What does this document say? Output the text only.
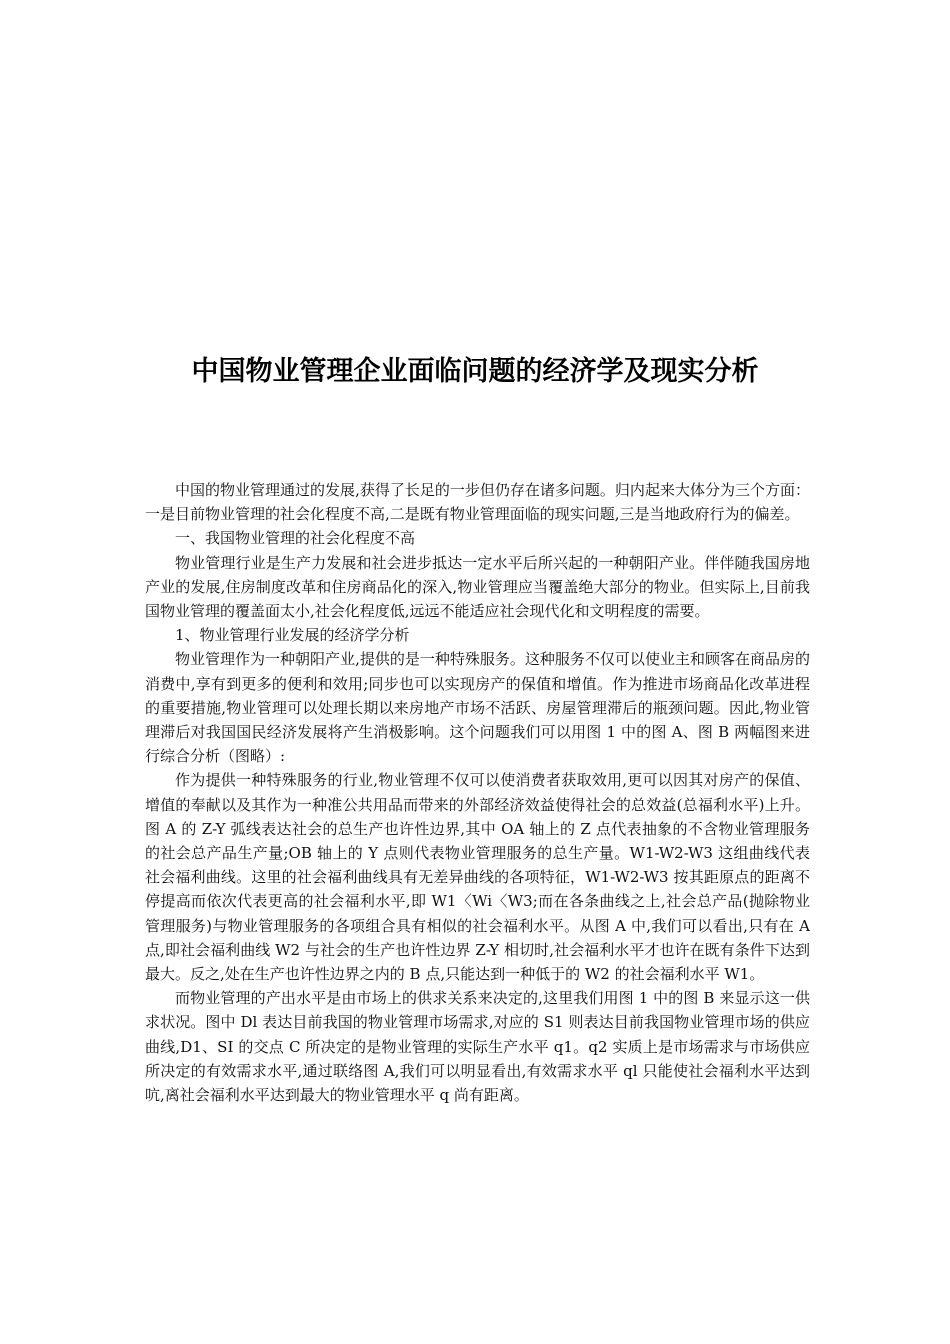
中国物业管理企业面临问题的经济学及现实分析

中国的物业管理通过的发展,获得了长足的一步但仍存在诸多问题。归内起来大体分为三个方面：一是目前物业管理的社会化程度不高,二是既有物业管理面临的现实问题,三是当地政府行为的偏差。

一、我国物业管理的社会化程度不高

物业管理行业是生产力发展和社会进步抵达一定水平后所兴起的一种朝阳产业。伴伴随我国房地产业的发展,住房制度改革和住房商品化的深入,物业管理应当覆盖绝大部分的物业。但实际上,目前我国物业管理的覆盖面太小,社会化程度低,远远不能适应社会现代化和文明程度的需要。

1、物业管理行业发展的经济学分析

物业管理作为一种朝阳产业,提供的是一种特殊服务。这种服务不仅可以使业主和顾客在商品房的消费中,享有到更多的便利和效用;同步也可以实现房产的保值和增值。作为推进市场商品化改革进程的重要措施,物业管理可以处理长期以来房地产市场不活跃、房屋管理滞后的瓶颈问题。因此,物业管理滞后对我国国民经济发展将产生消极影响。这个问题我们可以用图 1 中的图 A、图 B 两幅图来进行综合分析（图略）:

作为提供一种特殊服务的行业,物业管理不仅可以使消费者获取效用,更可以因其对房产的保值、增值的奉献以及其作为一种准公共用品而带来的外部经济效益使得社会的总效益(总福利水平)上升。图 A 的 Z-Y 弧线表达社会的总生产也许性边界,其中 OA 轴上的 Z 点代表抽象的不含物业管理服务的社会总产品生产量;OB 轴上的 Y 点则代表物业管理服务的总生产量。W1-W2-W3 这组曲线代表社会福利曲线。这里的社会福利曲线具有无差异曲线的各项特征，W1-W2-W3 按其距原点的距离不停提高而依次代表更高的社会福利水平,即 W1〈Wi〈W3;而在各条曲线之上,社会总产品(抛除物业管理服务)与物业管理服务的各项组合具有相似的社会福利水平。从图 A 中,我们可以看出,只有在 A 点,即社会福利曲线 W2 与社会的生产也许性边界 Z-Y 相切时,社会福利水平才也许在既有条件下达到最大。反之,处在生产也许性边界之内的 B 点,只能达到一种低于的 W2 的社会福利水平 W1。

而物业管理的产出水平是由市场上的供求关系来决定的,这里我们用图 1 中的图 B 来显示这一供求状况。图中 Dl 表达目前我国的物业管理市场需求,对应的 S1 则表达目前我国物业管理市场的供应曲线,D1、SI 的交点 C 所决定的是物业管理的实际生产水平 q1。q2 实质上是市场需求与市场供应所决定的有效需求水平,通过联络图 A,我们可以明显看出,有效需求水平 ql 只能使社会福利水平达到吭,离社会福利水平达到最大的物业管理水平 q 尚有距离。
